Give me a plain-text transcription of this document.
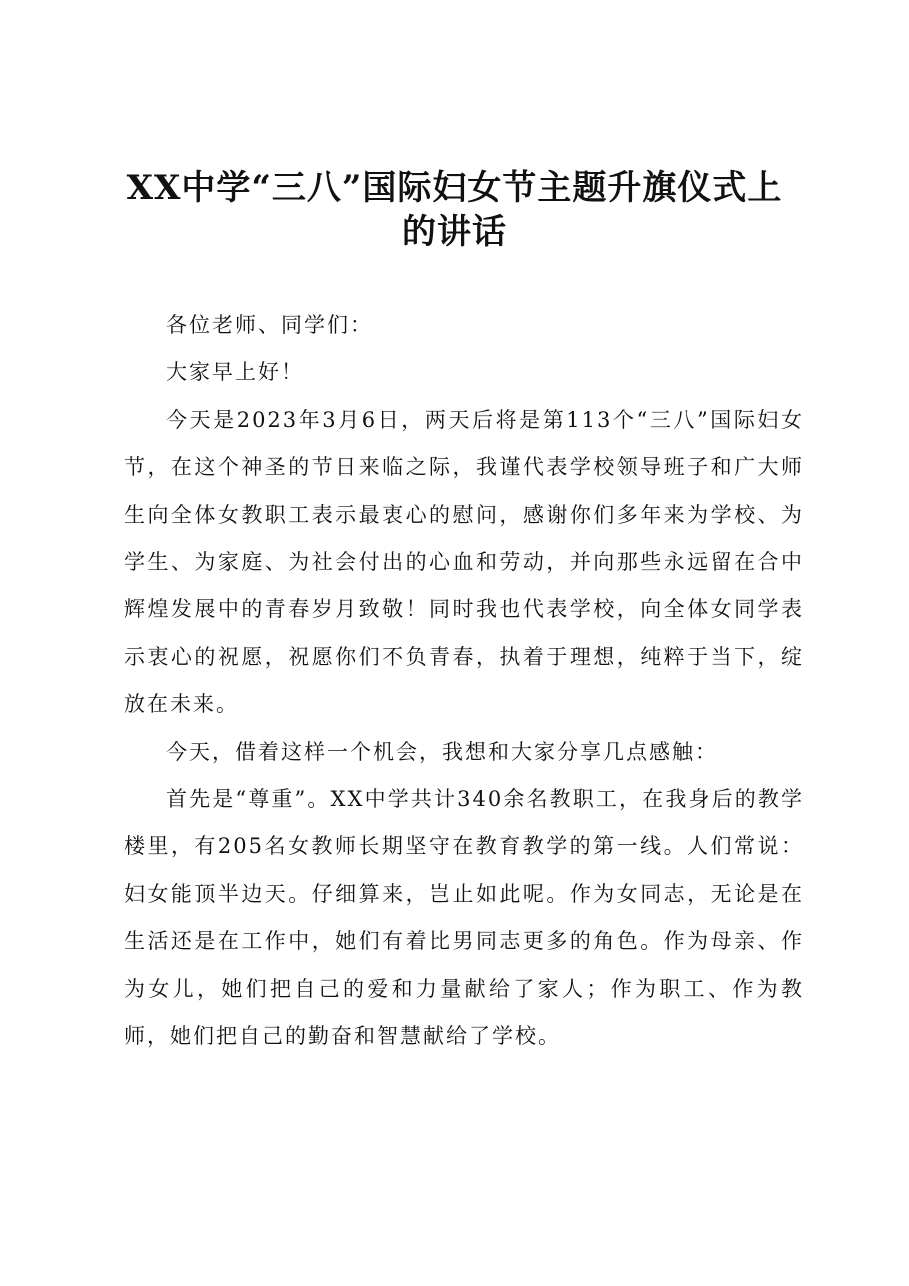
XX中学“三八”国际妇女节主题升旗仪式上的讲话

各位老师、同学们：

大家早上好！

今天是2023年3月6日，两天后将是第113个“三八”国际妇女节，在这个神圣的节日来临之际，我谨代表学校领导班子和广大师生向全体女教职工表示最衷心的慰问，感谢你们多年来为学校、为学生、为家庭、为社会付出的心血和劳动，并向那些永远留在合中辉煌发展中的青春岁月致敬！同时我也代表学校，向全体女同学表示衷心的祝愿，祝愿你们不负青春，执着于理想，纯粹于当下，绽放在未来。

今天，借着这样一个机会，我想和大家分享几点感触：

首先是“尊重”。XX中学共计340余名教职工，在我身后的教学楼里，有205名女教师长期坚守在教育教学的第一线。人们常说：妇女能顶半边天。仔细算来，岂止如此呢。作为女同志，无论是在生活还是在工作中，她们有着比男同志更多的角色。作为母亲、作为女儿，她们把自己的爱和力量献给了家人；作为职工、作为教师，她们把自己的勤奋和智慧献给了学校。
